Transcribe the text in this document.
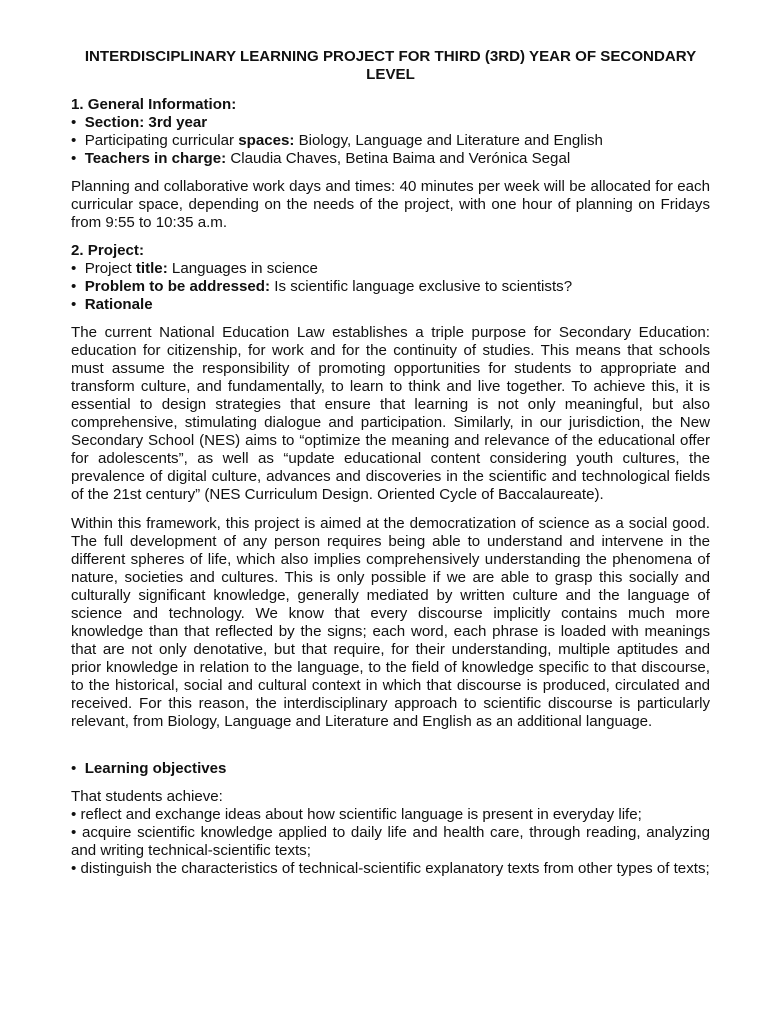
INTERDISCIPLINARY LEARNING PROJECT FOR THIRD (3RD) YEAR OF SECONDARY LEVEL

1. General Information:

• Section: 3rd year

• Participating curricular spaces: Biology, Language and Literature and English

• Teachers in charge: Claudia Chaves, Betina Baima and Verónica Segal

Planning and collaborative work days and times: 40 minutes per week will be allocated for each curricular space, depending on the needs of the project, with one hour of planning on Fridays from 9:55 to 10:35 a.m.

2. Project:

• Project title: Languages in science

• Problem to be addressed: Is scientific language exclusive to scientists?

• Rationale

The current National Education Law establishes a triple purpose for Secondary Education: education for citizenship, for work and for the continuity of studies. This means that schools must assume the responsibility of promoting opportunities for students to appropriate and transform culture, and fundamentally, to learn to think and live together. To achieve this, it is essential to design strategies that ensure that learning is not only meaningful, but also comprehensive, stimulating dialogue and participation. Similarly, in our jurisdiction, the New Secondary School (NES) aims to “optimize the meaning and relevance of the educational offer for adolescents”, as well as “update educational content considering youth cultures, the prevalence of digital culture, advances and discoveries in the scientific and technological fields of the 21st century” (NES Curriculum Design. Oriented Cycle of Baccalaureate).

Within this framework, this project is aimed at the democratization of science as a social good. The full development of any person requires being able to understand and intervene in the different spheres of life, which also implies comprehensively understanding the phenomena of nature, societies and cultures. This is only possible if we are able to grasp this socially and culturally significant knowledge, generally mediated by written culture and the language of science and technology. We know that every discourse implicitly contains much more knowledge than that reflected by the signs; each word, each phrase is loaded with meanings that are not only denotative, but that require, for their understanding, multiple aptitudes and prior knowledge in relation to the language, to the field of knowledge specific to that discourse, to the historical, social and cultural context in which that discourse is produced, circulated and received. For this reason, the interdisciplinary approach to scientific discourse is particularly relevant, from Biology, Language and Literature and English as an additional language.

• Learning objectives

That students achieve:

• reflect and exchange ideas about how scientific language is present in everyday life;

• acquire scientific knowledge applied to daily life and health care, through reading, analyzing and writing technical-scientific texts;

• distinguish the characteristics of technical-scientific explanatory texts from other types of texts;
